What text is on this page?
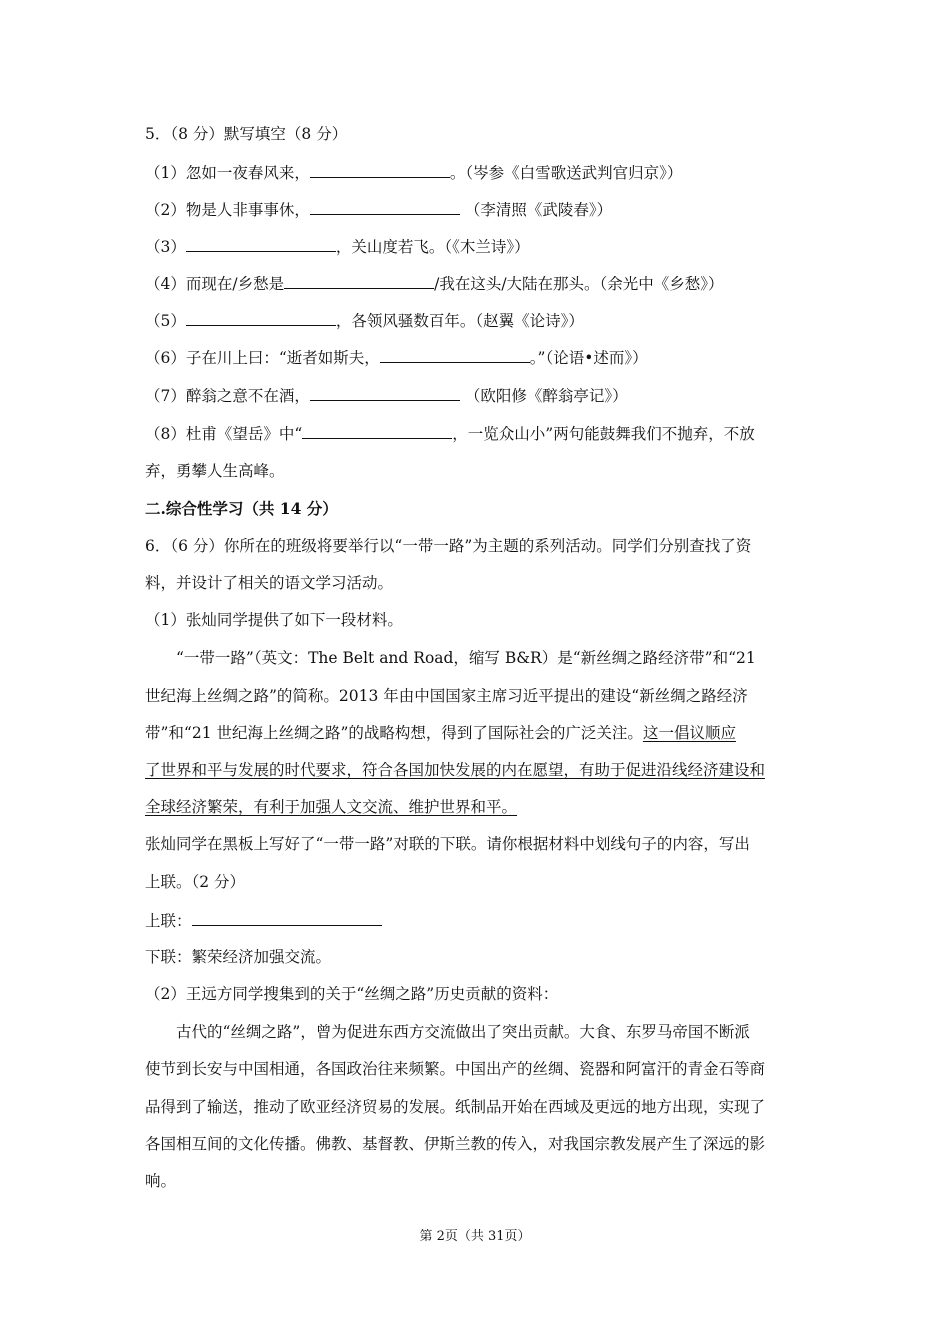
5．（8 分）默写填空（8 分）
（1）忽如一夜春风来，	。（岑参《白雪歌送武判官归京》）
（2）物是人非事事休，	（李清照《武陵春》）
（3）	，关山度若飞。（《木兰诗》）
（4）而现在/乡愁是	/我在这头/大陆在那头。（余光中《乡愁》）
（5）	，各领风骚数百年。（赵翼《论诗》）
（6）子在川上曰：“逝者如斯夫，	。”（论语•述而》）
（7）醉翁之意不在酒，	（欧阳修《醉翁亭记》）
（8）杜甫《望岳》中“	，一览众山小”两句能鼓舞我们不抛弃，不放
弃，勇攀人生高峰。
二.综合性学习（共 14 分）
6．（6 分）你所在的班级将要举行以“一带一路”为主题的系列活动。同学们分别查找了资
料，并设计了相关的语文学习活动。
（1）张灿同学提供了如下一段材料。
“一带一路”（英文：The Belt and Road，缩写 B&R）是“新丝绸之路经济带”和“21
世纪海上丝绸之路”的简称。2013 年由中国国家主席习近平提出的建设“新丝绸之路经济
带”和“21 世纪海上丝绸之路”的战略构想，得到了国际社会的广泛关注。这一倡议顺应
了世界和平与发展的时代要求，符合各国加快发展的内在愿望，有助于促进沿线经济建设和
全球经济繁荣，有利于加强人文交流、维护世界和平。
张灿同学在黑板上写好了“一带一路”对联的下联。请你根据材料中划线句子的内容，写出
上联。（2 分）
上联：
下联：繁荣经济加强交流。
（2）王远方同学搜集到的关于“丝绸之路”历史贡献的资料：
古代的“丝绸之路”，曾为促进东西方交流做出了突出贡献。大食、东罗马帝国不断派
使节到长安与中国相通，各国政治往来频繁。中国出产的丝绸、瓷器和阿富汗的青金石等商
品得到了输送，推动了欧亚经济贸易的发展。纸制品开始在西域及更远的地方出现，实现了
各国相互间的文化传播。佛教、基督教、伊斯兰教的传入，对我国宗教发展产生了深远的影
响。
第 2页（共 31页）
